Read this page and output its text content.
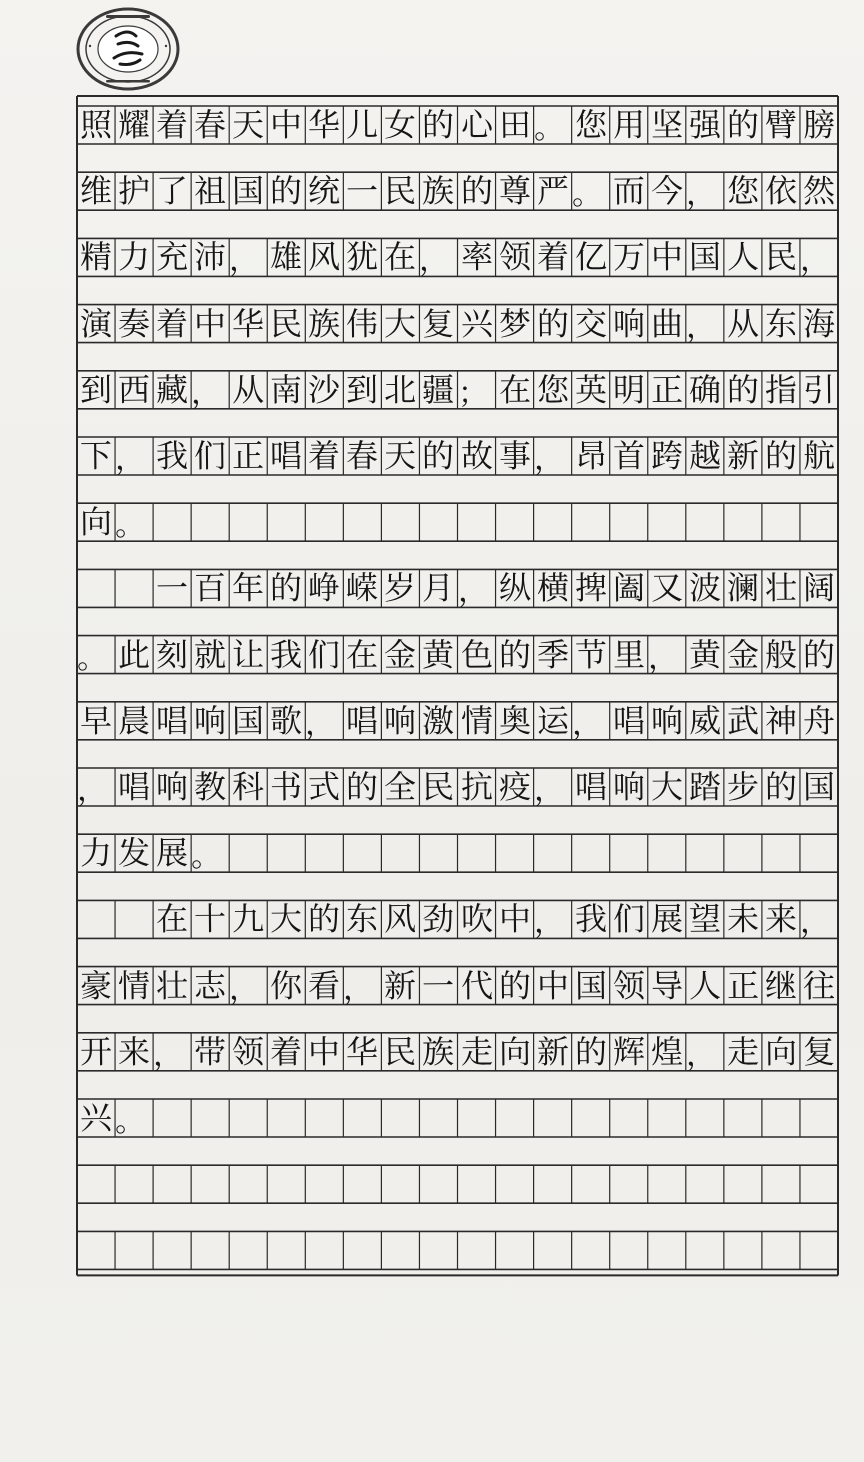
照 耀 着 春 天 中 华 儿 女 的 心 田 。 您 用 坚 强 的 臂 膀
维 护 了 祖 国 的 统 一 民 族 的 尊 严 。 而 今 ， 您 依 然
精 力 充 沛 ， 雄 风 犹 在 ， 率 领 着 亿 万 中 国 人 民 ，
演 奏 着 中 华 民 族 伟 大 复 兴 梦 的 交 响 曲 ， 从 东 海
到 西 藏 ， 从 南 沙 到 北 疆 ； 在 您 英 明 正 确 的 指 引
下 ， 我 们 正 唱 着 春 天 的 故 事 ， 昂 首 跨 越 新 的 航
向 。
一 百 年 的 峥 嵘 岁 月 ， 纵 横 捭 阖 又 波 澜 壮 阔
。 此 刻 就 让 我 们 在 金 黄 色 的 季 节 里 ， 黄 金 般 的
早 晨 唱 响 国 歌 ， 唱 响 激 情 奥 运 ， 唱 响 威 武 神 舟
， 唱 响 教 科 书 式 的 全 民 抗 疫 ， 唱 响 大 踏 步 的 国
力 发 展 。
在 十 九 大 的 东 风 劲 吹 中 ， 我 们 展 望 未 来 ，
豪 情 壮 志 ， 你 看 ， 新 一 代 的 中 国 领 导 人 正 继 往
开 来 ， 带 领 着 中 华 民 族 走 向 新 的 辉 煌 ， 走 向 复
兴 。
